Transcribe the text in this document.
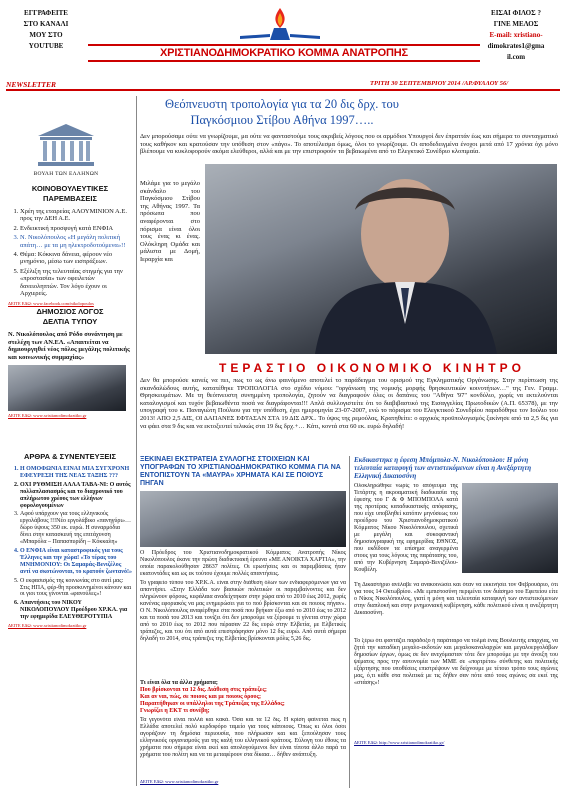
ΕΓΓΡΑΦΕΙΤΕ
ΣΤΟ ΚΑΝΑΛΙ
ΜΟΥ ΣΤΟ
YOUTUBE
ΕΙΣΑΙ ΦΙΛΟΣ ?
ΓΙΝΕ ΜΕΛΟΣ
E-mail: xristiano-
dimokrates1@gma
il.com
ΧΡΙΣΤΙΑΝΟΔΗΜΟΚΡΑΤΙΚΟ ΚΟΜΜΑ ΑΝΑΤΡΟΠΗΣ
NEWSLETTER	ΤΡΙΤΗ 30 ΣΕΠΤΕΜΒΡΙΟΥ 2014 /ΑΡ.ΦΥΛΛΟΥ 56/
ΒΟΥΛΗ ΤΩΝ ΕΛΛΗΝΩΝ
ΚΟΙΝΟΒΟΥΛΕΥΤΙΚΕΣ
ΠΑΡΕΜΒΑΣΕΙΣ
1. Χρέη της εταιρείας ΑΛΟΥΜΙΝΙΟΝ Α.Ε. προς την ΔΕΗ Α.Ε.
2. Ενδεικτική προσφυγή κατά ΕΝΦΙΑ
3. Ν. Νικολόπουλος «Η μεγάλη πολιτική απάτη… με τα μη ηλεκτροδοτούμενα»!!
4. Θέμα: Κόκκινα δάνεια, φέρουν νέο μνημόνιο, μέσω των εισπράξεων.
5. Εξέλιξη της τελευταίας στιγμής για την «προστασία» των οφειλετών δανειοληπτών. Τον λόγο έχουν οι Αρχιερείς.
ΔΕΙΤΕ ΕΔΩ: www.facebook.com/nikolopoulos
ΔΗΜΟΣΙΟΣ ΛΟΓΟΣ
ΔΕΛΤΙΑ ΤΥΠΟΥ
Ν. Νικολόπουλος από Ρόδο συνάντηση με στελέχη των ΑΝ.ΕΛ. «Απαιτείται να δημιουργηθεί νέος πόλος μεγάλης πολιτικής και κοινωνικής συμμαχίας»
ΔΕΙΤΕ ΕΔΩ: www.xristianodimokratiko.gr
ΑΡΘΡΑ & ΣΥΝΕΝΤΕΥΞΕΙΣ
1. Η ΟΜΟΦΩΝΙΑ ΕΙΝΑΙ ΜΙΑ ΣΥΓΧΡΟΝΗ ΕΦΕΥΡΕΣΗ ΤΗΣ ΝΕΑΣ ΤΑΞΗΣ ???
2. ΟΧΙ ΡΥΘΜΙΣΗ ΑΛΛΑ ΤΑΒΑ-ΝΙ: Ο αυτός πολλαπλασιασμός και το διαχρονικό του απλήρωτου χρέους των ελλήνων φορολογουμένων
3. Αφού υπάρχουν για τους ελληνικούς εργολάβους !!!Νέο εργολάβικο «πανηγύρι»… δώρο ύψους 350 εκ. ευρώ. Η συναρμόδια δίνει στην κατασκευή της επιτάχυνση «Μπαρόλα – Παπασπυρίδη – Κόκκαλη»
4. Ο ΕΝΦΙΑ είναι καταστροφικός για τους Έλληνες και την χώρα! «Το τέρας του ΜΝΗΜΟΝΙΟΥ: Οι Σαμαράς-Βενιζέλος αντί να σκοτώνονται, το κρατούν ζωντανό!»
5. Ο εκφασισμός της κοινωνίας στο αυτί μας: Στις ΗΠΑ, φέρ-θη προσκυνημένοι κάνουν και οι γιοι τους γίνονται «φανούλες»!
6. Απαντήσεις του ΝΙΚΟΥ ΝΙΚΟΛΟΠΟΥΛΟΥ Προέδρου ΧΡ.ΚΑ. για την εφημερίδα ΕΛΕΥΘΕΡΟΤΥΠΙΑ
ΔΕΙΤΕ ΕΔΩ: www.xristianodimokratiko.gr
Θεόπνευστη τροπολογία για τα 20 δις δρχ. του
Παγκόσμιου Στίβου Αθήνα 1997…..
Δεν μπορούσαμε ούτε να γνωρίζουμε, μα ούτε να φανταστούμε τους ακριβείς λόγους που οι αρμόδιοι Υπουργοί δεν έπραττάν έως και σήμερα το συνταγματικό τους καθήκον και κρατούσαν την υπόθεση στον «πάγο». Το αποτέλεσμα όμως, όλοι το γνωρίζουμε. Οι αποδεδειγμένα ένοχοι μετά από 17 χρόνια όχι μόνο βλέπουμε να κυκλοφορούν ακόμα ελεύθεροι, αλλά και με την επιστροφούν τα βεβαιωμένα από το Ελεγκτικό Συνέδριο κλοπιμαία.
Μιλάμε για το μεγάλο σκάνδαλο του Παγκόσμιου Στίβου της Αθήνας 1997. Τα πρόσωπα που αναφέρονται στο πόρισμα είναι όλοι τους ένας κι ένας. Ολόκληρη Ομάδα και μάλιστα με Δομή, Ιεραρχία και
ΤΕΡΑΣΤΙΟ ΟΙΚΟΝΟΜΙΚΟ ΚΙΝΗΤΡΟ
Δεν θα μπορούσε κανείς να πει, πως το ως άνω φαινόμενο αποτελεί το παράδειγμα του ορισμού της Εγκληματικής Οργάνωσης. Στην περίπτωση της σκανδαλώδους αυτής, κατατέθηκε ΤΡΟΠΟΛΟΓΙΑ στο σχέδιο νόμου: "οργάνωση της νομικής μορφής θρησκευτικών κοινοτήτων…" της Γεν. Γραμμ. Θρησκευμάτων. Με τη θεόπνευστη συνημμένη τροπολογία, ζητούν να διαγραφούν όλες οι δαπάνες του "Αθήνα '97" κονδύλιο, χωρίς να εκτελούνται καταλογισμοί και τυχόν βεβαιωθέντα ποσά να διαγράφονται!!! Απλά συλλογιστείτε ότι το διαβιβαστικό της Εισαγγελίας Πρωτοδικών (Α.Π. 65378), με την υπογραφή του κ. Παναγιώτη Πούλιου για την υπόθεση, έχει ημερομηνία 23-07-2007, ενώ το πόρισμα του Ελεγκτικού Συνεδρίου παραδόθηκε τον Ιούλιο του 2013! ΑΠΟ 2,5 ΔΙΣ, ΟΙ ΔΑΠΑΝΕΣ ΕΦΤΑΣΑΝ ΣΤΑ 19 ΔΙΣ ΔΡΧ.. Το ύψος της ρεμούλας, Κρατηθείτε: ο αρχικός προϋπολογισμός ξεκίνησε από τα 2,5 δις για να φάει στα 9 δις και να εκτοξευτεί τελικώς στα 19 δις δρχ.+… Κάτι, κοντά στα 60 εκ. ευρώ δηλαδή!
ΞΕΚΙΝΑΕΙ ΕΚΣΤΡΑΤΕΙΑ ΣΥΛΛΟΓΗΣ ΣΤΟΙΧΕΙΩΝ ΚΑΙ ΥΠΟΓΡΑΦΩΝ ΤΟ ΧΡΙΣΤΙΑΝΟΔΗΜΟΚΡΑΤΙΚΟ ΚΟΜΜΑ ΓΙΑ ΝΑ ΕΝΤΟΠΙΣΤΟΥΝ ΤΑ «ΜΑΥΡΑ» ΧΡΗΜΑΤΑ ΚΑΙ ΣΕ ΠΟΙΟΥΣ ΠΗΓΑΝ
Ο Πρόεδρος του Χριστιανοδημοκρατικού Κόμματος Ανατροπής Νίκος Νικολόπουλος έκανε την πρώτη διαδικτυακή έρευνα «ΜΕ ΑΝΟΙΚΤΑ ΧΑΡΤΙΑ», την οποία παρακολούθησαν 28637 πολίτες. Οι ερωτήσεις και οι παρεμβάσεις ήταν εκατοντάδες και ως εκ τούτου έχουμε πολλές απαντήσεις.
Το γραφείο τύπου του ΧΡ.Κ.Α. είναι στην διάθεση όλων των ενδιαφερόμενων για να απαντήσει. «Στην Ελλάδα των βασικών πολιτικών οι παρεμβαίνοντες και δεν πληρώνουν φόρους, κεφάλαια αναδείχτηκαν στην χώρα από το 2010 έως 2012, χωρίς κανένας εφοριακός να μας ενημερώσει για το πού βρίσκονται και σε ποιους πήγαν». Ο Ν. Νικολόπουλος αναφέρθηκε στα ποσά που βγήκαν έξω από το 2010 έως το 2012 και τα ποσά του 2013 και τονίζει ότι δεν μπορούμε να ξέρουμε τι γίνεται στην χώρα από το 2010 έως το 2012 που πέρασαν 22 δις ευρώ στην Ελβετία, με Ελβετικές τράπεζες, και του ότι από αυτά επεστράφησαν μόνο 12 δις ευρώ. Από αυτά σήμερα δηλαδή το 2014, στις τράπεζες της Ελβετίας βρίσκονται μόλις 5,26 δις.
Τι είναι όλα τα άλλα χρήματα;
Που βρίσκονται τα 12 δις. Διάθεση στις τράπεζες;
Και αν ναι, πώς, σε ποιους και με ποιους όρους;
Παραιτήθηκαν οι υπάλληλοι της Τράπεζας της Ελλάδος;
Γνωρίζει η ΕΚΤ τι συνέβη;
Τα γεγονότα είναι πολλά και κακά. Όσα και τα 12 δις. Η κρίση φαίνεται πως η Ελλάδα αποτελεί πολύ κερδοφόρο ταμείο για τους κάποιους. Όπως κι όλοι όσοι αγοράζουν τη δημόσια περιουσία, που πλήρωσαν και και ξεπούλησαν τους ελληνικούς οργανισμούς για της καλή του ελληνικού κράτους. Εύλογη του έθους τα χρήματα που σήμερα είναι εκεί και απολογούμενοι δεν είναι τίποτα άλλο παρά τα χρήματα του πολίτη και να τα μεταφέρουν στα δίκαια… δήθεν ανάπτυξη.
ΔΕΙΤΕ ΕΔΩ: www.xristianodimokratiko.gr
Εκδικαστηκε η έφεση Μπόμπολα-Ν. Νικολόπουλου: Η μόνη τελευταία καταφυγή των αντιστεκόμενων είναι η Ανεξάρτητη Ελληνική Δικαιοσύνη
Ολοκληρώθηκε νωρίς το απόγευμα της Τετάρτης η ακροαματική διαδικασία της έφεσης του Γ & Φ ΜΠΟΜΠΟΛΑ κατά της προτέρας καταδικαστικής απόφασης, που είχε υποβληθεί κατόπιν μηνύσεως του προέδρου του Χριστιανοδημοκρατικού Κόμματος Νίκου Νικολόπουλου, σχετικά με μεγάλη και συκοφαντική δημοσιογραφική της εφημερίδας ΕΘΝΟΣ, που εκδίδουν τα επίσημα αναγερμένα στους για τους λόγους της παράτασης του, από την Κυβέρνηση Σαμαρά-Βενιζέλου-Κουβέλη.
Τη Δικαστήριο ανέλαβε να ανακοινώσει και όταν να εκκινήσει τον Φεβρουάριο, ότι για τους 14 Οκτωβρίου. «Με εμπιστοσύνη περιμένει τον διάσημο του Εφετείου είτε ο Νίκος Νικολόπουλος, γιατί η μόνη και τελευταία καταφυγή των αντιστεκόμενων στην διαπλοκή και στην μνημονιακή κυβέρνηση, κάθε πολιτικού είναι η ανεξάρτητη Δικαιοσύνη.
Το ξέρω ότι φαντάζει παράδοξο ή παράταιρο να τολμά ένας Βουλευτής επαρχίας, να ζητά την καταδίκη μεγαλο-εκδοτών και μεγαλοκαναλαρχών και μεγαλοεργολάβων δημοσίων έργων, όμως σε δεν ανεχόμασταν τότε δεν μπορούμε με την άνοιξη του ψέματος προς την αυτονομία των ΜΜΕ σε «πορτρέτα» σύνθετης και πολιτικής εξάρτησης που υποθέσεις επιστρέψουν να δείχνουμε με τέτοιο τρόπο τους αγώνες μας, ό,τι κάθε στα πολιτικά με τις δήθεν σαν πότε από τους αγώνες σα εκεί της «στάσης»!
ΔΕΙΤΕ ΕΔΩ: http://www.xristianodimokratiko.gr/
